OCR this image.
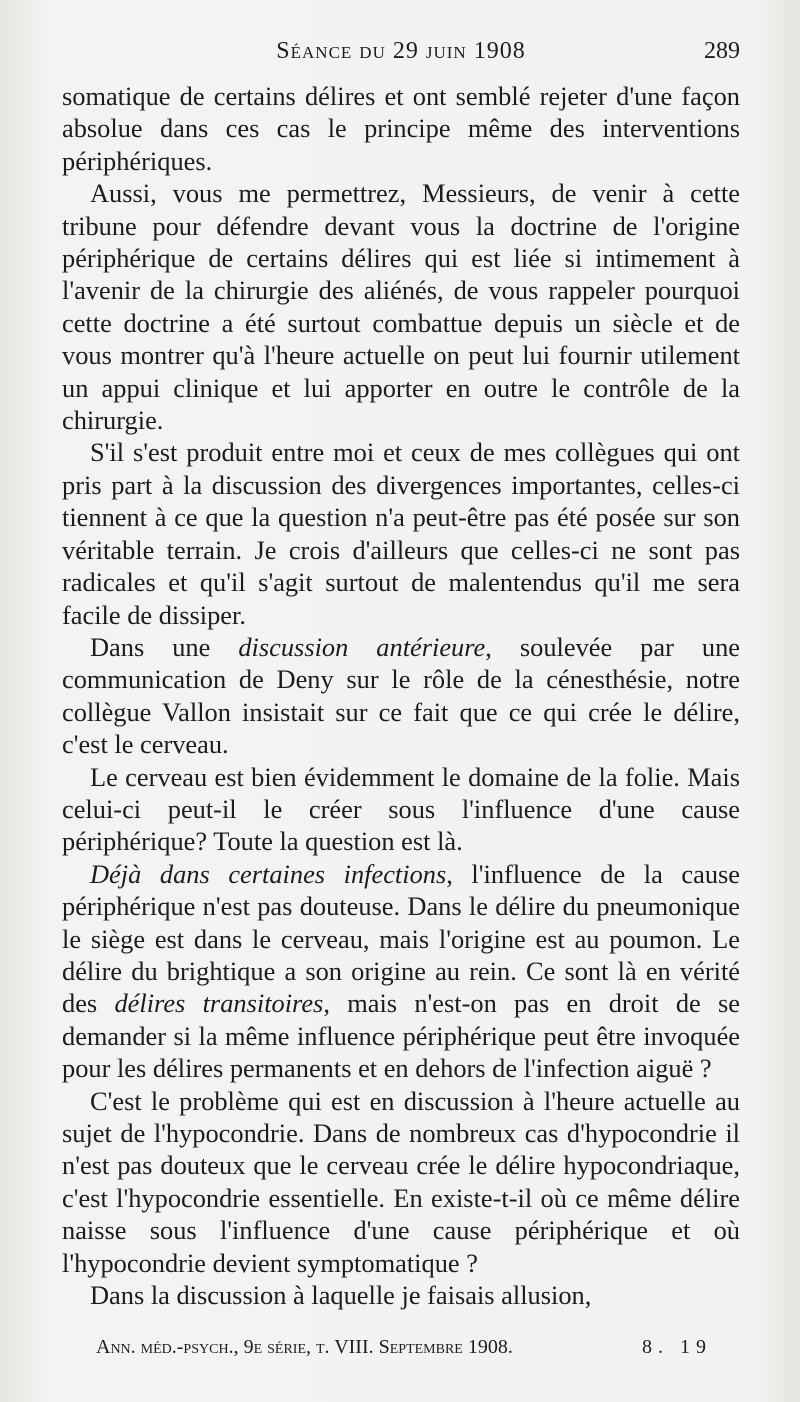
Séance du 29 juin 1908	289

somatique de certains délires et ont semblé rejeter d'une façon absolue dans ces cas le principe même des interventions périphériques.

Aussi, vous me permettrez, Messieurs, de venir à cette tribune pour défendre devant vous la doctrine de l'origine périphérique de certains délires qui est liée si intimement à l'avenir de la chirurgie des aliénés, de vous rappeler pourquoi cette doctrine a été surtout combattue depuis un siècle et de vous montrer qu'à l'heure actuelle on peut lui fournir utilement un appui clinique et lui apporter en outre le contrôle de la chirurgie.

S'il s'est produit entre moi et ceux de mes collègues qui ont pris part à la discussion des divergences importantes, celles-ci tiennent à ce que la question n'a peut-être pas été posée sur son véritable terrain. Je crois d'ailleurs que celles-ci ne sont pas radicales et qu'il s'agit surtout de malentendus qu'il me sera facile de dissiper.

Dans une discussion antérieure, soulevée par une communication de Deny sur le rôle de la cénesthésie, notre collègue Vallon insistait sur ce fait que ce qui crée le délire, c'est le cerveau.

Le cerveau est bien évidemment le domaine de la folie. Mais celui-ci peut-il le créer sous l'influence d'une cause périphérique? Toute la question est là.

Déjà dans certaines infections, l'influence de la cause périphérique n'est pas douteuse. Dans le délire du pneumonique le siège est dans le cerveau, mais l'origine est au poumon. Le délire du brightique a son origine au rein. Ce sont là en vérité des délires transitoires, mais n'est-on pas en droit de se demander si la même influence périphérique peut être invoquée pour les délires permanents et en dehors de l'infection aiguë ?

C'est le problème qui est en discussion à l'heure actuelle au sujet de l'hypocondrie. Dans de nombreux cas d'hypocondrie il n'est pas douteux que le cerveau crée le délire hypocondriaque, c'est l'hypocondrie essentielle. En existe-t-il où ce même délire naisse sous l'influence d'une cause périphérique et où l'hypocondrie devient symptomatique ?

Dans la discussion à laquelle je faisais allusion,

Ann. méd.-psych., 9e série, t. VIII. Septembre 1908.	8. 19
